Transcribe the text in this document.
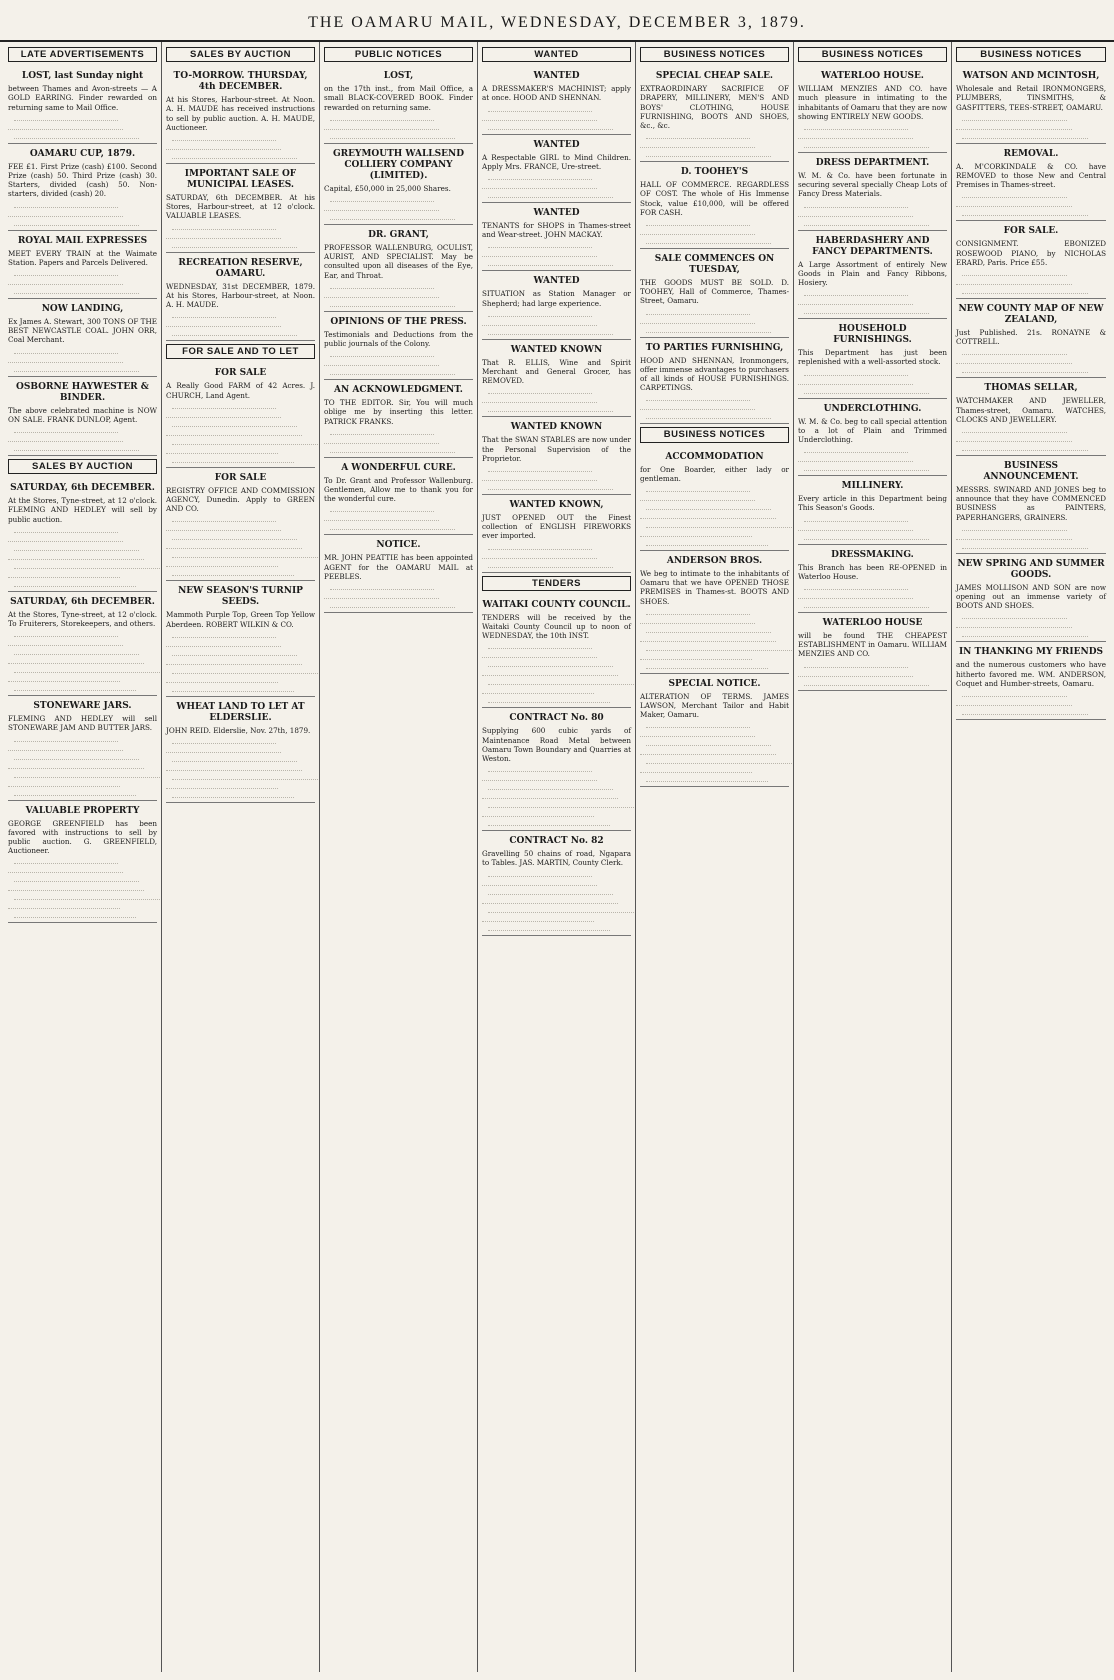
THE OAMARU MAIL, WEDNESDAY, DECEMBER 3, 1879.
LATE ADVERTISEMENTS
LOST, last Sunday night
between Thames and Avon-streets — A GOLD EARRING. Finder rewarded on returning same to Mail Office.
OAMARU CUP, 1879.
FEE £1. First Prize (cash) £100. Second Prize (cash) 50. Third Prize (cash) 30. Starters, divided (cash) 50. Non-starters, divided (cash) 20.
ROYAL MAIL EXPRESSES
MEET EVERY TRAIN at the Waimate Station. Papers and Parcels Delivered.
NOW LANDING,
Ex James A. Stewart, 300 TONS OF THE BEST NEWCASTLE COAL. JOHN ORR, Coal Merchant.
OSBORNE HAYWESTER & BINDER.
The above celebrated machine is NOW ON SALE. FRANK DUNLOP, Agent.
SALES BY AUCTION
SATURDAY, 6th DECEMBER.
At the Stores, Tyne-street, at 12 o'clock. FLEMING AND HEDLEY will sell by public auction.
SATURDAY, 6th DECEMBER.
At the Stores, Tyne-street, at 12 o'clock. To Fruiterers, Storekeepers, and others.
STONEWARE JARS.
FLEMING AND HEDLEY will sell STONEWARE JAM AND BUTTER JARS.
VALUABLE PROPERTY
GEORGE GREENFIELD has been favored with instructions to sell by public auction. G. GREENFIELD, Auctioneer.
SALES BY AUCTION
TO-MORROW. THURSDAY, 4th DECEMBER.
At his Stores, Harbour-street. At Noon. A. H. MAUDE has received instructions to sell by public auction. A. H. MAUDE, Auctioneer.
IMPORTANT SALE OF MUNICIPAL LEASES.
SATURDAY, 6th DECEMBER. At his Stores, Harbour-street, at 12 o'clock. VALUABLE LEASES.
RECREATION RESERVE, OAMARU.
WEDNESDAY, 31st DECEMBER, 1879. At his Stores, Harbour-street, at Noon. A. H. MAUDE.
FOR SALE AND TO LET
FOR SALE
A Really Good FARM of 42 Acres. J. CHURCH, Land Agent.
FOR SALE
REGISTRY OFFICE AND COMMISSION AGENCY, Dunedin. Apply to GREEN AND CO.
NEW SEASON'S TURNIP SEEDS.
Mammoth Purple Top, Green Top Yellow Aberdeen. ROBERT WILKIN & CO.
WHEAT LAND TO LET AT ELDERSLIE.
JOHN REID. Elderslie, Nov. 27th, 1879.
PUBLIC NOTICES
LOST,
on the 17th inst., from Mail Office, a small BLACK-COVERED BOOK. Finder rewarded on returning same.
GREYMOUTH WALLSEND COLLIERY COMPANY (LIMITED).
Capital, £50,000 in 25,000 Shares.
DR. GRANT,
PROFESSOR WALLENBURG, OCULIST, AURIST, AND SPECIALIST. May be consulted upon all diseases of the Eye, Ear, and Throat.
OPINIONS OF THE PRESS.
Testimonials and Deductions from the public journals of the Colony.
AN ACKNOWLEDGMENT.
TO THE EDITOR. Sir, You will much oblige me by inserting this letter. PATRICK FRANKS.
A WONDERFUL CURE.
To Dr. Grant and Professor Wallenburg. Gentlemen, Allow me to thank you for the wonderful cure.
NOTICE.
MR. JOHN PEATTIE has been appointed AGENT for the OAMARU MAIL at PEEBLES.
WANTED
WANTED
A DRESSMAKER'S MACHINIST; apply at once. HOOD AND SHENNAN.
WANTED
A Respectable GIRL to Mind Children. Apply Mrs. FRANCE, Ure-street.
WANTED
TENANTS for SHOPS in Thames-street and Wear-street. JOHN MACKAY.
WANTED
SITUATION as Station Manager or Shepherd; had large experience.
WANTED KNOWN
That R. ELLIS, Wine and Spirit Merchant and General Grocer, has REMOVED.
WANTED KNOWN
That the SWAN STABLES are now under the Personal Supervision of the Proprietor.
WANTED KNOWN,
JUST OPENED OUT the Finest collection of ENGLISH FIREWORKS ever imported.
TENDERS
WAITAKI COUNTY COUNCIL.
TENDERS will be received by the Waitaki County Council up to noon of WEDNESDAY, the 10th INST.
CONTRACT No. 80
Supplying 600 cubic yards of Maintenance Road Metal between Oamaru Town Boundary and Quarries at Weston.
CONTRACT No. 82
Gravelling 50 chains of road, Ngapara to Tables. JAS. MARTIN, County Clerk.
BUSINESS NOTICES
SPECIAL CHEAP SALE.
EXTRAORDINARY SACRIFICE OF DRAPERY, MILLINERY, MEN'S AND BOYS' CLOTHING, HOUSE FURNISHING, BOOTS AND SHOES, &c., &c.
D. TOOHEY'S
HALL OF COMMERCE. REGARDLESS OF COST. The whole of His Immense Stock, value £10,000, will be offered FOR CASH.
SALE COMMENCES ON TUESDAY,
THE GOODS MUST BE SOLD. D. TOOHEY, Hall of Commerce, Thames-Street, Oamaru.
TO PARTIES FURNISHING,
HOOD AND SHENNAN, Ironmongers, offer immense advantages to purchasers of all kinds of HOUSE FURNISHINGS. CARPETINGS.
BUSINESS NOTICES
ACCOMMODATION
for One Boarder, either lady or gentleman.
ANDERSON BROS.
We beg to intimate to the inhabitants of Oamaru that we have OPENED THOSE PREMISES in Thames-st. BOOTS AND SHOES.
SPECIAL NOTICE.
ALTERATION OF TERMS. JAMES LAWSON, Merchant Tailor and Habit Maker, Oamaru.
BUSINESS NOTICES
WATERLOO HOUSE.
WILLIAM MENZIES AND CO. have much pleasure in intimating to the inhabitants of Oamaru that they are now showing ENTIRELY NEW GOODS.
DRESS DEPARTMENT.
W. M. & Co. have been fortunate in securing several specially Cheap Lots of Fancy Dress Materials.
HABERDASHERY AND FANCY DEPARTMENTS.
A Large Assortment of entirely New Goods in Plain and Fancy Ribbons, Hosiery.
HOUSEHOLD FURNISHINGS.
This Department has just been replenished with a well-assorted stock.
UNDERCLOTHING.
W. M. & Co. beg to call special attention to a lot of Plain and Trimmed Underclothing.
MILLINERY.
Every article in this Department being This Season's Goods.
DRESSMAKING.
This Branch has been RE-OPENED in Waterloo House.
WATERLOO HOUSE
will be found THE CHEAPEST ESTABLISHMENT in Oamaru. WILLIAM MENZIES AND CO.
BUSINESS NOTICES
WATSON AND MCINTOSH,
Wholesale and Retail IRONMONGERS, PLUMBERS, TINSMITHS, & GASFITTERS, TEES-STREET, OAMARU.
REMOVAL.
A. M'CORKINDALE & CO. have REMOVED to those New and Central Premises in Thames-street.
FOR SALE.
CONSIGNMENT. EBONIZED ROSEWOOD PIANO, by NICHOLAS ERARD, Paris. Price £55.
NEW COUNTY MAP OF NEW ZEALAND,
Just Published. 21s. RONAYNE & COTTRELL.
THOMAS SELLAR,
WATCHMAKER AND JEWELLER, Thames-street, Oamaru. WATCHES, CLOCKS AND JEWELLERY.
BUSINESS ANNOUNCEMENT.
MESSRS. SWINARD AND JONES beg to announce that they have COMMENCED BUSINESS as PAINTERS, PAPERHANGERS, GRAINERS.
NEW SPRING AND SUMMER GOODS.
JAMES MOLLISON AND SON are now opening out an immense variety of BOOTS AND SHOES.
IN THANKING MY FRIENDS
and the numerous customers who have hitherto favored me. WM. ANDERSON, Coquet and Humber-streets, Oamaru.
